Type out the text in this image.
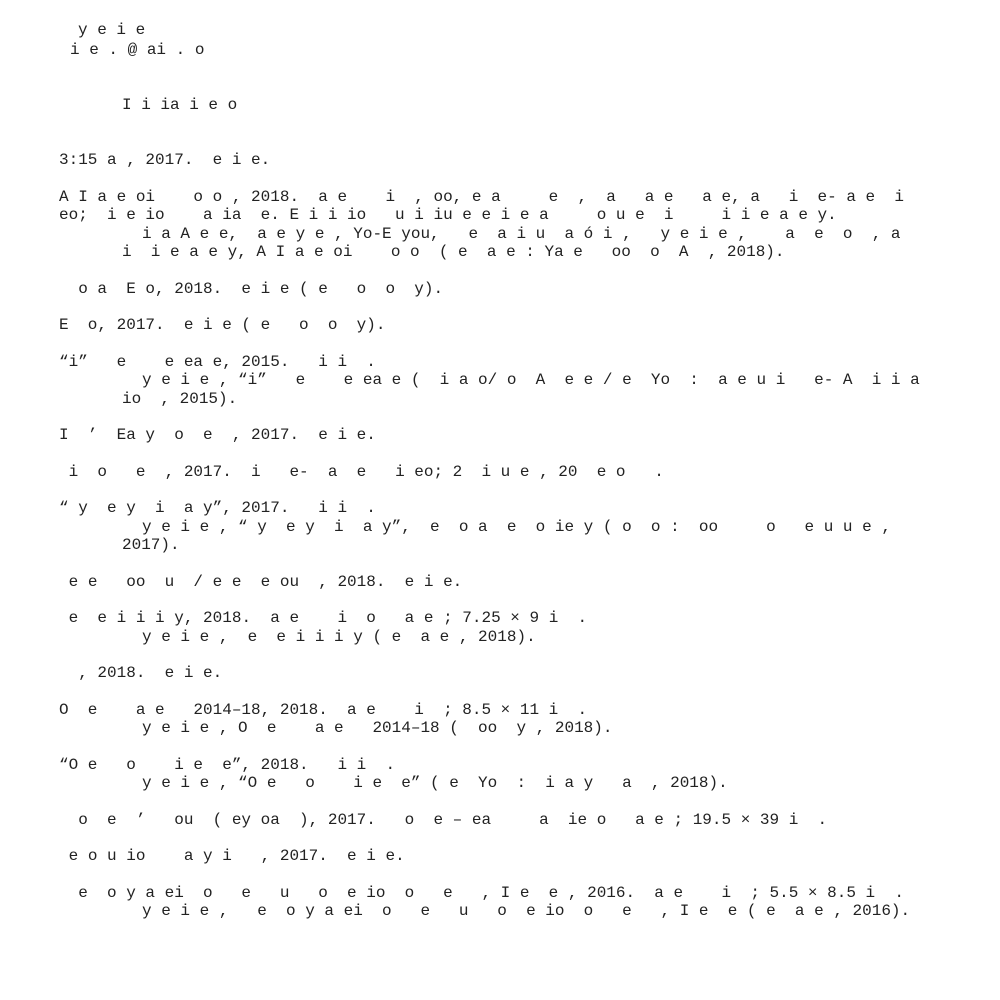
y e i e
i e . @ ai . o
I i ia i e o
3:15 a , 2017.  e i e.
A I a e oi    o o , 2018.  a e    i  , oo, e a     e  ,  a   a e   a e, a   i  e- a e  i eo;  i e io    a ia  e. E i i io   u i iu e e i e a     o u e  i     i i e a e y.
i a A e e,  a e y e , Yo-E you,   e  a i u  a ó i ,   y e i e ,    a  e  o  , a     i  i e a e y, A I a e oi    o o  ( e  a e : Ya e   oo  o  A  , 2018).
o a  E o, 2018.  e i e ( e   o  o  y).
E  o, 2017.  e i e ( e   o  o  y).
“i”   e    e ea e, 2015.   i i  .
y e i e , “i”   e    e ea e (  i a o/ o  A  e e / e  Yo  :  a e u i   e- A  i i a io  , 2015).
I  ’  Ea y  o  e  , 2017.  e i e.
i  o   e  , 2017.  i   e-  a  e   i eo; 2  i u e , 20  e o   .
“ y  e y  i  a y”, 2017.   i i  .
y e i e , “ y  e y  i  a y”,  e  o a  e  o ie y ( o  o :  oo     o   e u u e , 2017).
e e   oo  u  / e e  e ou  , 2018.  e i e.
e  e i i i y, 2018.  a e    i  o   a e ; 7.25 × 9 i  .
y e i e ,  e  e i i i y ( e  a e , 2018).
, 2018.  e i e.
O  e    a e   2014–18, 2018.  a e    i  ; 8.5 × 11 i  .
y e i e , O  e    a e   2014–18 (  oo  y , 2018).
“O e   o    i e  e”, 2018.   i i  .
y e i e , “O e   o    i e  e” ( e  Yo  :  i a y   a  , 2018).
o  e  ’   ou  ( ey oa  ), 2017.   o  e – ea     a  ie o   a e ; 19.5 × 39 i  .
e o u io    a y i   , 2017.  e i e.
e  o y a ei  o   e   u   o  e io  o   e   , I e  e , 2016.  a e    i  ; 5.5 × 8.5 i  .
y e i e ,   e  o y a ei  o   e   u   o  e io  o   e   , I e  e ( e  a e , 2016).
